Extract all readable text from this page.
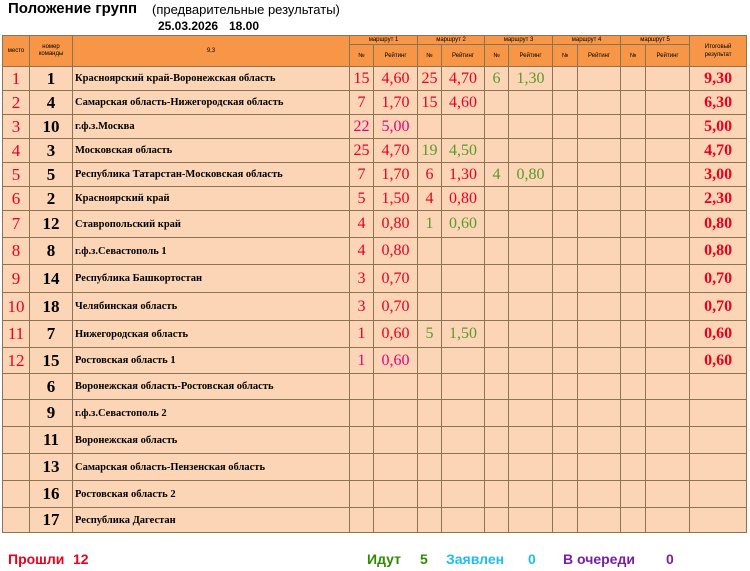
Положение групп (предварительные результаты)
25.03.2026 18.00
место	номер
команды	9,3	маршрут 1		маршрут 2		маршрут 3		маршрут 4		маршрут 5		Итоговый
результат
			№	Рейтинг	№	Рейтинг	№	Рейтинг	№	Рейтинг	№	Рейтинг	
1	1	Красноярский край-Воронежская область	15	4,60	25	4,70	6	1,30					9,30
2	4	Самарская область-Нижегородская область	7	1,70	15	4,60							6,30
3	10	г.ф.з.Москва	22	5,00									5,00
4	3	Московская область	25	4,70	19	4,50							4,70
5	5	Республика Татарстан-Московская область	7	1,70	6	1,30	4	0,80					3,00
6	2	Красноярский край	5	1,50	4	0,80							2,30
7	12	Ставропольский край	4	0,80	1	0,60							0,80
8	8	г.ф.з.Севастополь 1	4	0,80									0,80
9	14	Республика Башкортостан	3	0,70									0,70
10	18	Челябинская область	3	0,70									0,70
11	7	Нижегородская область	1	0,60	5	1,50							0,60
12	15	Ростовская область 1	1	0,60									0,60
	6	Воронежская область-Ростовская область											
	9	г.ф.з.Севастополь 2											
	11	Воронежская область											
	13	Самарская область-Пензенская область											
	16	Ростовская область 2											
	17	Республика Дагестан											
Прошли 12	Идут 5 Заявлен 0 В очереди 0
